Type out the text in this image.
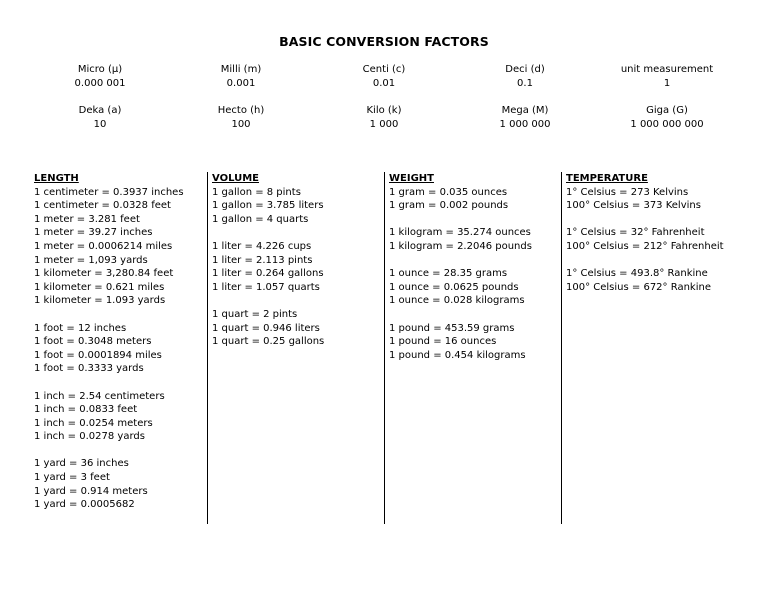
BASIC CONVERSION FACTORS
Micro (µ)
0.000 001
Milli (m)
0.001
Centi (c)
0.01
Deci (d)
0.1
unit measurement
1
Deka (a)
10
Hecto (h)
100
Kilo (k)
1 000
Mega (M)
1 000 000
Giga (G)
1 000 000 000
LENGTH
1 centimeter = 0.3937 inches
1 centimeter = 0.0328 feet
1 meter = 3.281 feet
1 meter = 39.27 inches
1 meter = 0.0006214 miles
1 meter = 1,093 yards
1 kilometer = 3,280.84 feet
1 kilometer = 0.621 miles
1 kilometer = 1.093 yards
1 foot = 12 inches
1 foot = 0.3048 meters
1 foot = 0.0001894 miles
1 foot = 0.3333 yards
1 inch = 2.54 centimeters
1 inch = 0.0833 feet
1 inch = 0.0254 meters
1 inch = 0.0278 yards
1 yard = 36 inches
1 yard = 3 feet
1 yard = 0.914 meters
1 yard = 0.0005682
VOLUME
1 gallon = 8 pints
1 gallon = 3.785 liters
1 gallon = 4 quarts
1 liter = 4.226 cups
1 liter = 2.113 pints
1 liter = 0.264 gallons
1 liter = 1.057 quarts
1 quart = 2 pints
1 quart = 0.946 liters
1 quart = 0.25 gallons
WEIGHT
1 gram = 0.035 ounces
1 gram = 0.002 pounds
1 kilogram = 35.274 ounces
1 kilogram = 2.2046 pounds
1 ounce = 28.35 grams
1 ounce = 0.0625 pounds
1 ounce = 0.028 kilograms
1 pound = 453.59 grams
1 pound = 16 ounces
1 pound = 0.454 kilograms
TEMPERATURE
1° Celsius = 273 Kelvins
100° Celsius = 373 Kelvins
1° Celsius = 32° Fahrenheit
100° Celsius = 212° Fahrenheit
1° Celsius = 493.8° Rankine
100° Celsius = 672° Rankine
